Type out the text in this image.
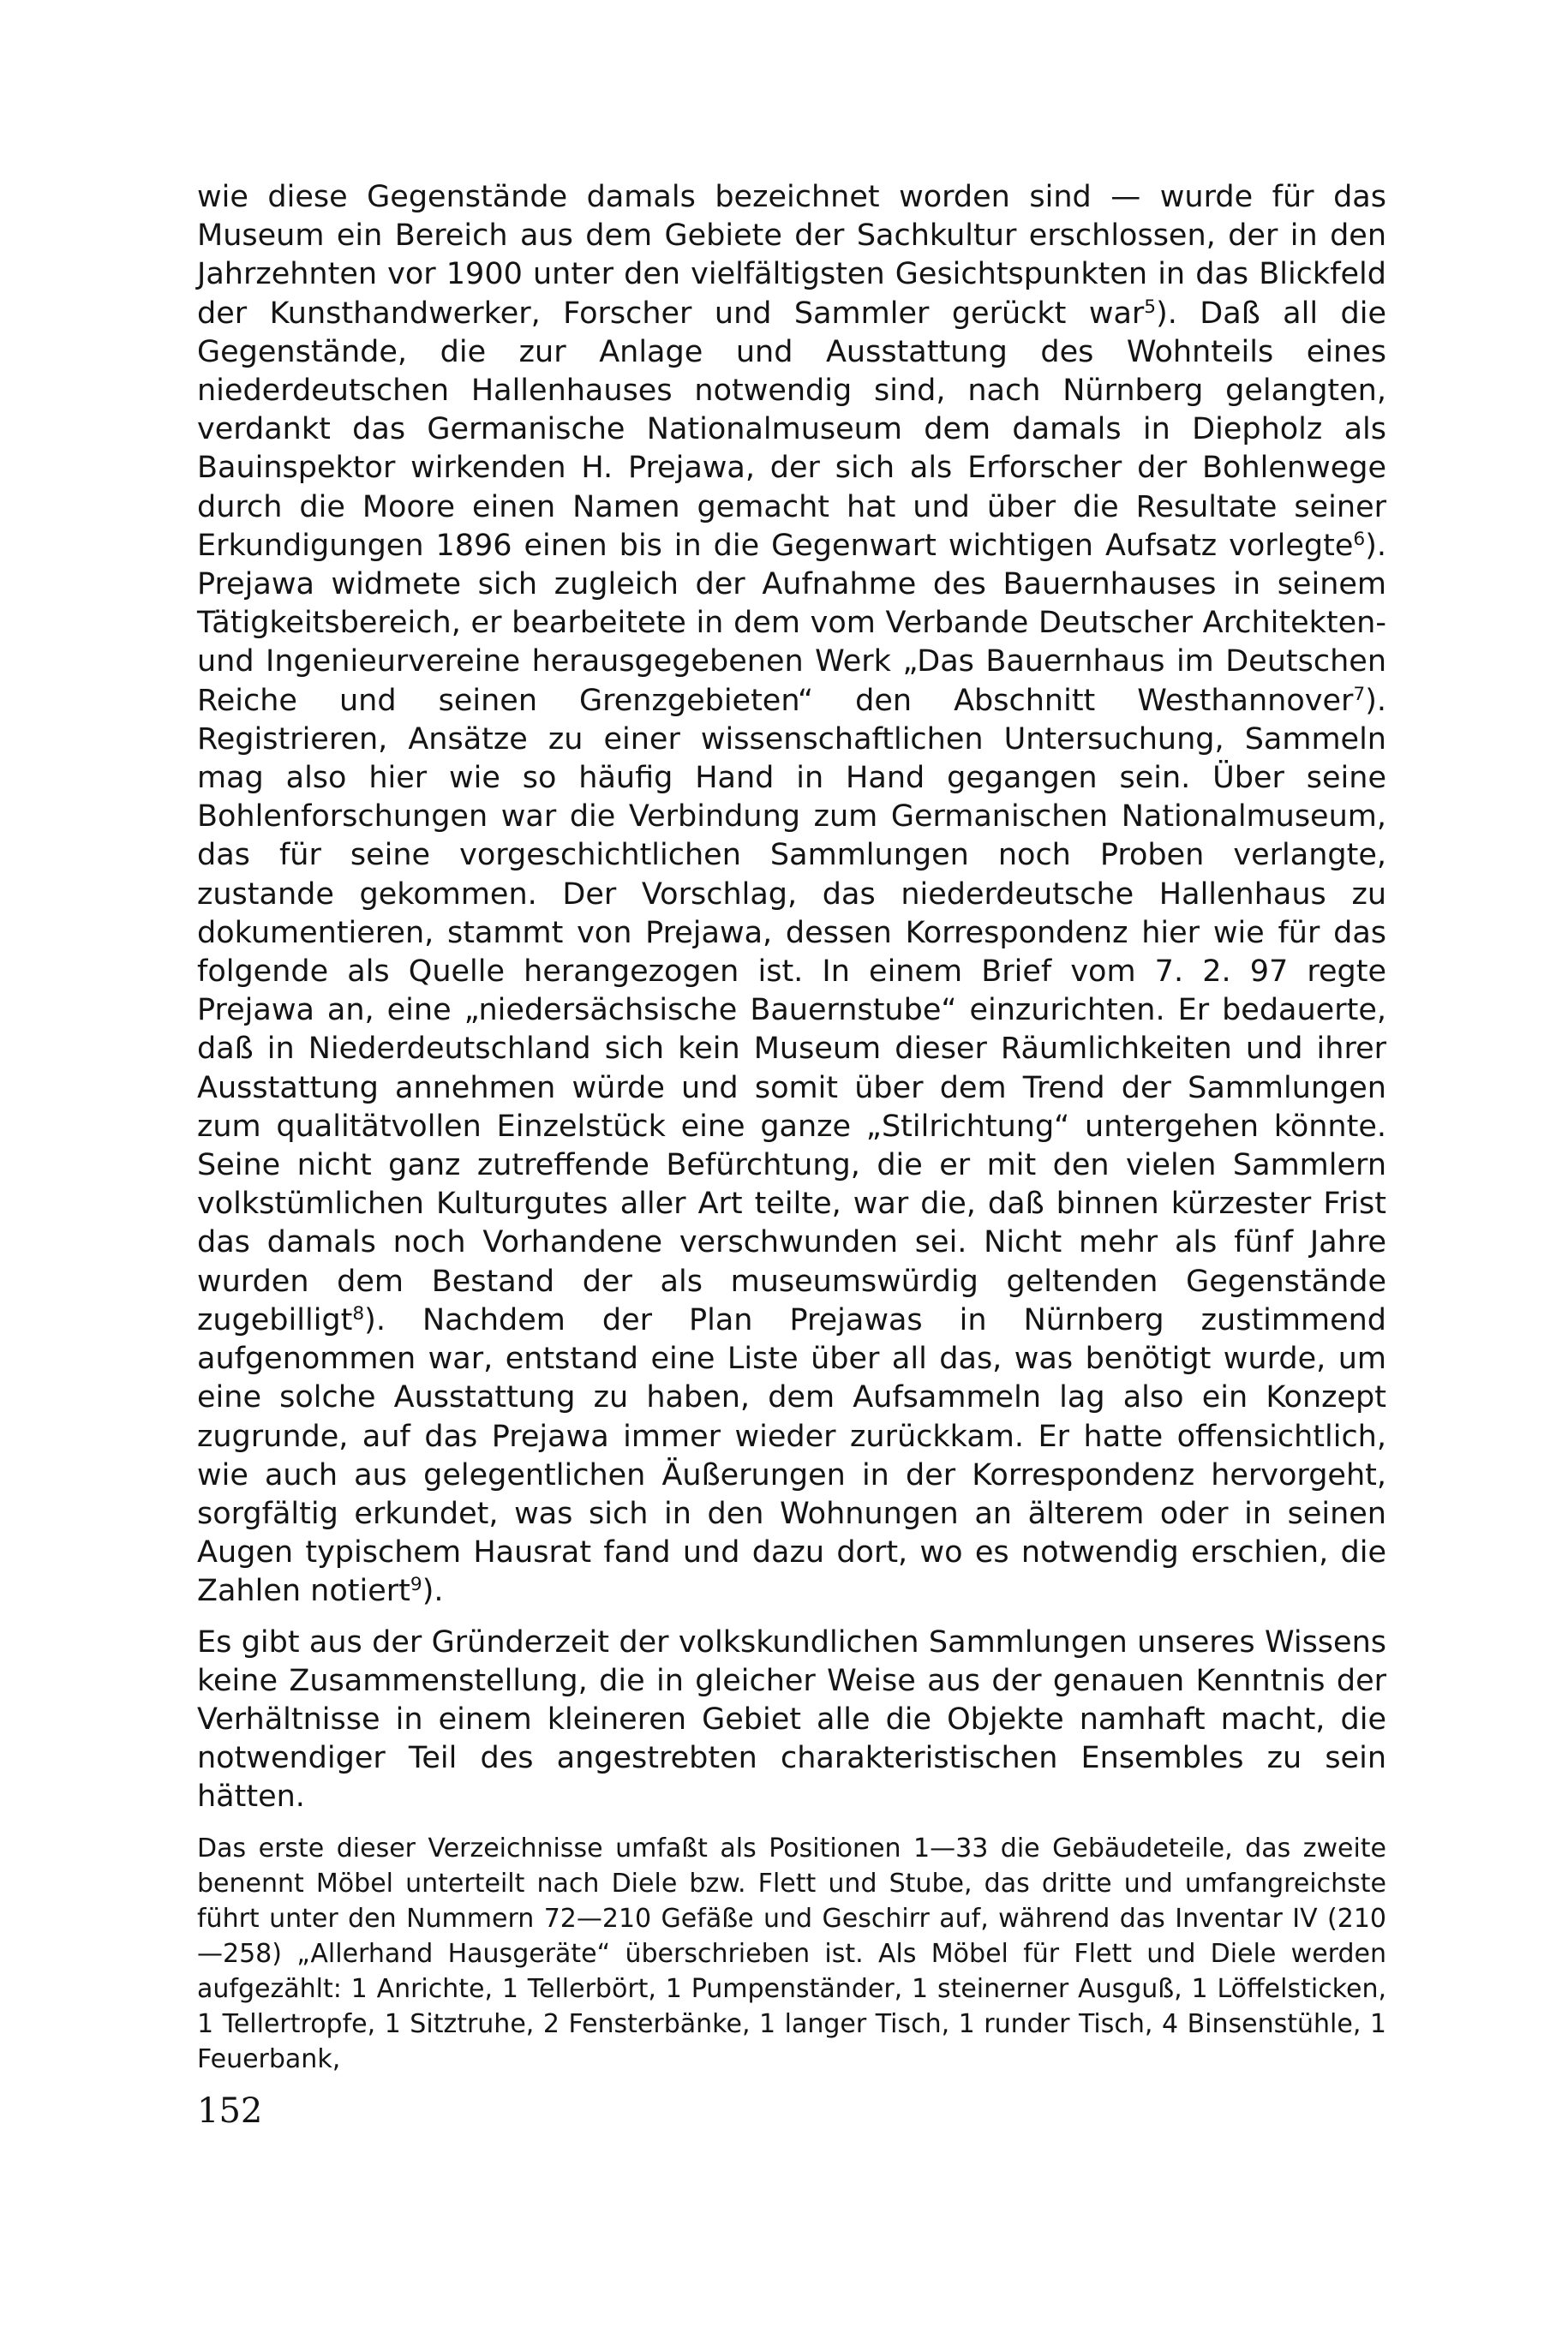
wie diese Gegenstände damals bezeichnet worden sind — wurde für das Museum ein Bereich aus dem Gebiete der Sachkultur erschlossen, der in den Jahrzehnten vor 1900 unter den vielfältigsten Gesichtspunkten in das Blickfeld der Kunsthandwerker, Forscher und Sammler gerückt war$^5$). Daß all die Gegenstände, die zur Anlage und Ausstattung des Wohnteils eines niederdeutschen Hallenhauses notwendig sind, nach Nürnberg gelangten, verdankt das Germanische Nationalmuseum dem damals in Diepholz als Bauinspektor wirkenden H. Prejawa, der sich als Erforscher der Bohlenwege durch die Moore einen Namen gemacht hat und über die Resultate seiner Erkundigungen 1896 einen bis in die Gegenwart wichtigen Aufsatz vorlegte$^6$). Prejawa widmete sich zugleich der Aufnahme des Bauernhauses in seinem Tätigkeitsbereich, er bearbeitete in dem vom Verbande Deutscher Architekten- und Ingenieurvereine herausgegebenen Werk „Das Bauernhaus im Deutschen Reiche und seinen Grenzgebieten“ den Abschnitt Westhannover$^7$). Registrieren, Ansätze zu einer wissenschaftlichen Untersuchung, Sammeln mag also hier wie so häufig Hand in Hand gegangen sein. Über seine Bohlenforschungen war die Verbindung zum Germanischen Nationalmuseum, das für seine vorgeschichtlichen Sammlungen noch Proben verlangte, zustande gekommen. Der Vorschlag, das niederdeutsche Hallenhaus zu dokumentieren, stammt von Prejawa, dessen Korrespondenz hier wie für das folgende als Quelle herangezogen ist. In einem Brief vom 7. 2. 97 regte Prejawa an, eine „niedersächsische Bauernstube“ einzurichten. Er bedauerte, daß in Niederdeutschland sich kein Museum dieser Räumlichkeiten und ihrer Ausstattung annehmen würde und somit über dem Trend der Sammlungen zum qualitätvollen Einzelstück eine ganze „Stilrichtung“ untergehen könnte. Seine nicht ganz zutreffende Befürchtung, die er mit den vielen Sammlern volkstümlichen Kulturgutes aller Art teilte, war die, daß binnen kürzester Frist das damals noch Vorhandene verschwunden sei. Nicht mehr als fünf Jahre wurden dem Bestand der als museumswürdig geltenden Gegenstände zugebilligt$^8$). Nachdem der Plan Prejawas in Nürnberg zustimmend aufgenommen war, entstand eine Liste über all das, was benötigt wurde, um eine solche Ausstattung zu haben, dem Aufsammeln lag also ein Konzept zugrunde, auf das Prejawa immer wieder zurückkam. Er hatte offensichtlich, wie auch aus gelegentlichen Äußerungen in der Korrespondenz hervorgeht, sorgfältig erkundet, was sich in den Wohnungen an älterem oder in seinen Augen typischem Hausrat fand und dazu dort, wo es notwendig erschien, die Zahlen notiert$^9$).

Es gibt aus der Gründerzeit der volkskundlichen Sammlungen unseres Wissens keine Zusammenstellung, die in gleicher Weise aus der genauen Kenntnis der Verhältnisse in einem kleineren Gebiet alle die Objekte namhaft macht, die notwendiger Teil des angestrebten charakteristischen Ensembles zu sein hätten.

Das erste dieser Verzeichnisse umfaßt als Positionen 1—33 die Gebäudeteile, das zweite benennt Möbel unterteilt nach Diele bzw. Flett und Stube, das dritte und umfangreichste führt unter den Nummern 72—210 Gefäße und Geschirr auf, während das Inventar IV (210—258) „Allerhand Hausgeräte“ überschrieben ist. Als Möbel für Flett und Diele werden aufgezählt: 1 Anrichte, 1 Tellerbört, 1 Pumpenständer, 1 steinerner Ausguß, 1 Löffelsticken, 1 Tellertropfe, 1 Sitztruhe, 2 Fensterbänke, 1 langer Tisch, 1 runder Tisch, 4 Binsenstühle, 1 Feuerbank,

152
